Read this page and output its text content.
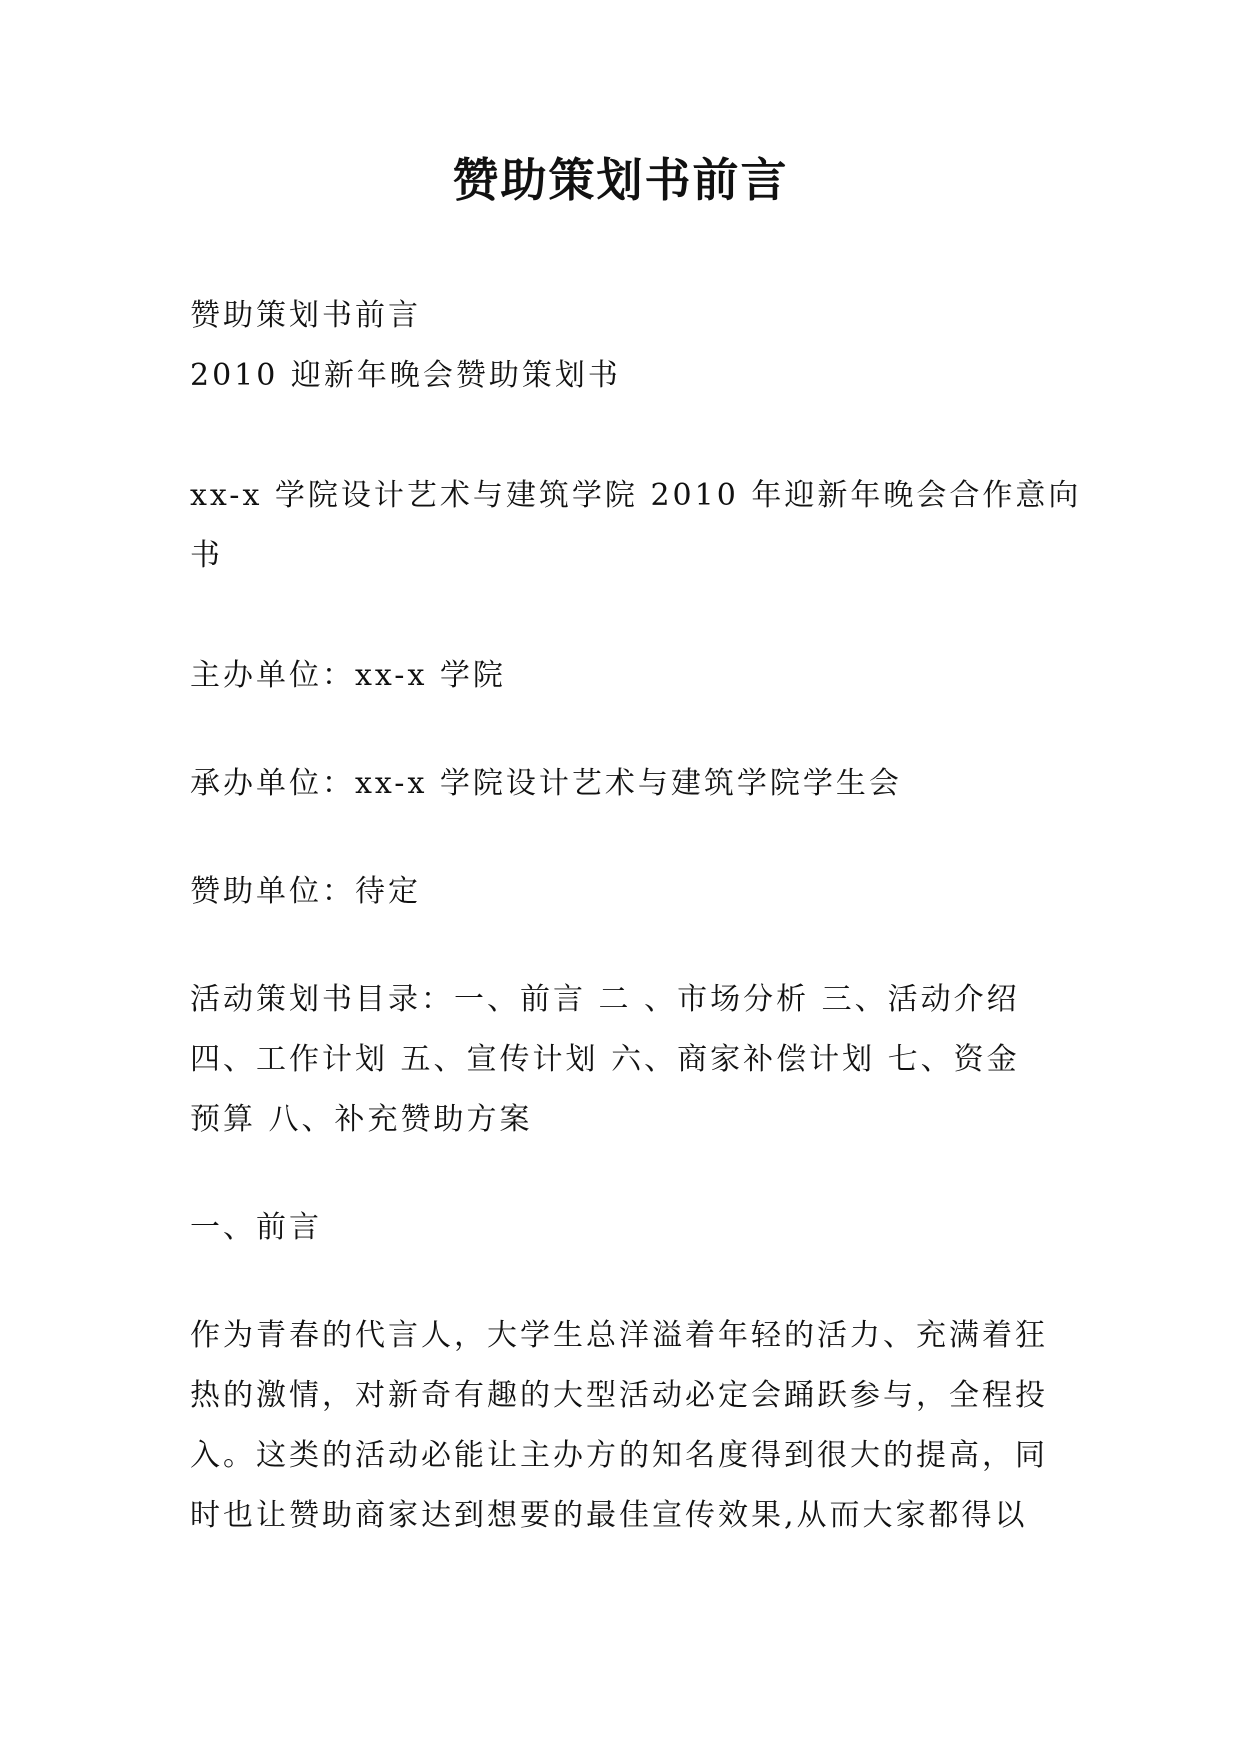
赞助策划书前言
赞助策划书前言
2010 迎新年晚会赞助策划书
xx-x 学院设计艺术与建筑学院 2010 年迎新年晚会合作意向
书
主办单位：xx-x 学院
承办单位：xx-x 学院设计艺术与建筑学院学生会
赞助单位：待定
活动策划书目录：一、前言 二 、市场分析 三、活动介绍
四、工作计划 五、宣传计划 六、商家补偿计划 七、资金
预算 八、补充赞助方案
一、前言
作为青春的代言人，大学生总洋溢着年轻的活力、充满着狂
热的激情，对新奇有趣的大型活动必定会踊跃参与，全程投
入。这类的活动必能让主办方的知名度得到很大的提高，同
时也让赞助商家达到想要的最佳宣传效果,从而大家都得以
